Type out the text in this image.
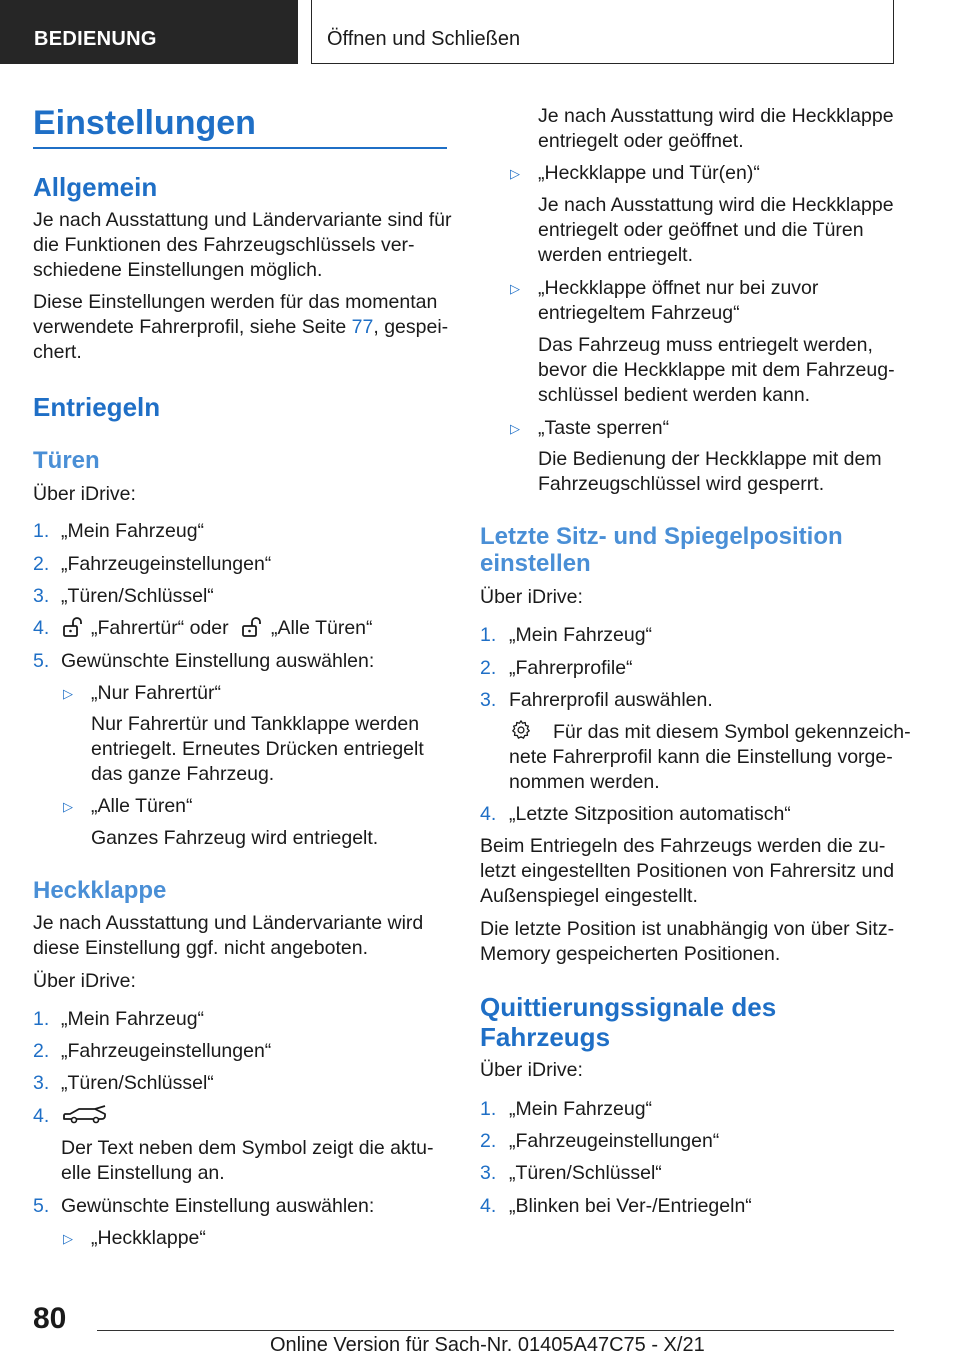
BEDIENUNG	Öffnen und Schließen
Einstellungen
Allgemein

Je nach Ausstattung und Ländervariante sind für

die Funktionen des Fahrzeugschlüssels ver-

schiedene Einstellungen möglich.

Diese Einstellungen werden für das momentan

verwendete Fahrerprofil, siehe Seite 77, gespei-

chert.

Entriegeln
Türen

Über iDrive:

1. „Mein Fahrzeug“

2. „Fahrzeugeinstellungen“

3. „Türen/Schlüssel“

4. „Fahrertür“ oder „Alle Türen“

5. Gewünschte Einstellung auswählen:

▷ „Nur Fahrertür“

Nur Fahrertür und Tankklappe werden

entriegelt. Erneutes Drücken entriegelt

das ganze Fahrzeug.

▷ „Alle Türen“

Ganzes Fahrzeug wird entriegelt.

Heckklappe

Je nach Ausstattung und Ländervariante wird

diese Einstellung ggf. nicht angeboten.

Über iDrive:

1. „Mein Fahrzeug“

2. „Fahrzeugeinstellungen“

3. „Türen/Schlüssel“

4.

Der Text neben dem Symbol zeigt die aktu-

elle Einstellung an.

5. Gewünschte Einstellung auswählen:

▷ „Heckklappe“

Je nach Ausstattung wird die Heckklappe

entriegelt oder geöffnet.

▷ „Heckklappe und Tür(en)“

Je nach Ausstattung wird die Heckklappe

entriegelt oder geöffnet und die Türen

werden entriegelt.

▷ „Heckklappe öffnet nur bei zuvor

entriegeltem Fahrzeug“

Das Fahrzeug muss entriegelt werden,

bevor die Heckklappe mit dem Fahrzeug-

schlüssel bedient werden kann.

▷ „Taste sperren“

Die Bedienung der Heckklappe mit dem

Fahrzeugschlüssel wird gesperrt.

Letzte Sitz- und Spiegelposition
einstellen

Über iDrive:

1. „Mein Fahrzeug“

2. „Fahrerprofile“

3. Fahrerprofil auswählen.

Für das mit diesem Symbol gekennzeich-

nete Fahrerprofil kann die Einstellung vorge-

nommen werden.

4. „Letzte Sitzposition automatisch“

Beim Entriegeln des Fahrzeugs werden die zu-

letzt eingestellten Positionen von Fahrersitz und

Außenspiegel eingestellt.

Die letzte Position ist unabhängig von über Sitz-

Memory gespeicherten Positionen.

Quittierungssignale des
Fahrzeugs

Über iDrive:

1. „Mein Fahrzeug“

2. „Fahrzeugeinstellungen“

3. „Türen/Schlüssel“

4. „Blinken bei Ver-/Entriegeln“

80
Online Version für Sach-Nr. 01405A47C75 - X/21
